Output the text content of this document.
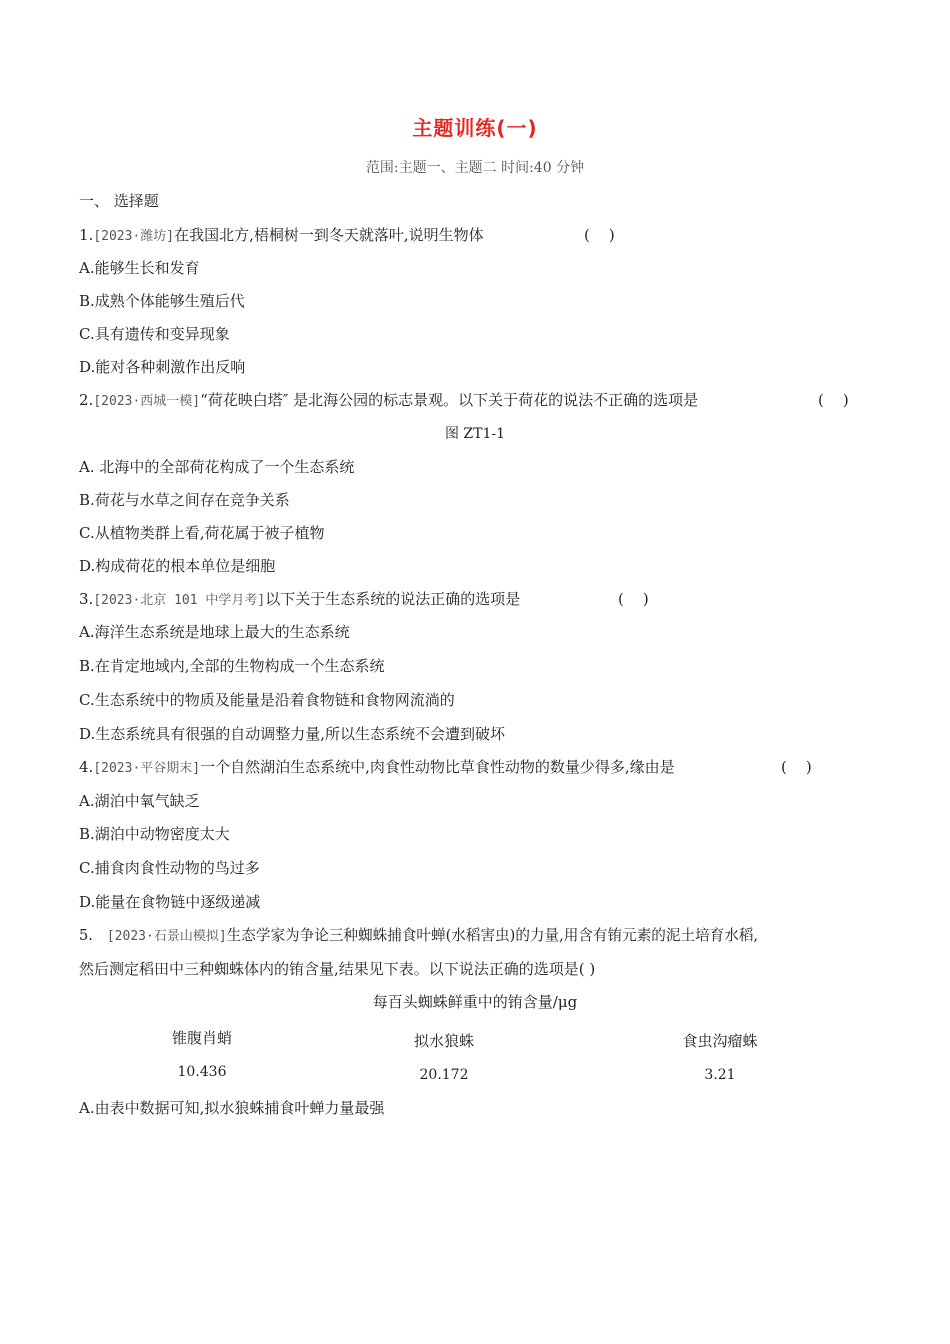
主题训练(一)
范围:主题一、主题二 时间:40 分钟
一、 选择题
1.[2023·潍坊]在我国北方,梧桐树一到冬天就落叶,说明生物体	(    )
A.能够生长和发育
B.成熟个体能够生殖后代
C.具有遗传和变异现象
D.能对各种刺激作出反响
2.[2023·西城一模]“荷花映白塔″ 是北海公园的标志景观。以下关于荷花的说法不正确的选项是	(    )
图 ZT1-1
A. 北海中的全部荷花构成了一个生态系统
B.荷花与水草之间存在竞争关系
C.从植物类群上看,荷花属于被子植物
D.构成荷花的根本单位是细胞
3.[2023·北京 101 中学月考]以下关于生态系统的说法正确的选项是	(    )
A.海洋生态系统是地球上最大的生态系统
B.在肯定地域内,全部的生物构成一个生态系统
C.生态系统中的物质及能量是沿着食物链和食物网流淌的
D.生态系统具有很强的自动调整力量,所以生态系统不会遭到破坏
4.[2023·平谷期末]一个自然湖泊生态系统中,肉食性动物比草食性动物的数量少得多,缘由是	(    )
A.湖泊中氧气缺乏
B.湖泊中动物密度太大
C.捕食肉食性动物的鸟过多
D.能量在食物链中逐级递减
5. [2023·石景山模拟]生态学家为争论三种蜘蛛捕食叶蝉(水稻害虫)的力量,用含有铕元素的泥土培育水稻,
然后测定稻田中三种蜘蛛体内的铕含量,结果见下表。以下说法正确的选项是( )
每百头蜘蛛鲜重中的铕含量/μg
锥腹肖蛸	拟水狼蛛	食虫沟瘤蛛
10.436	20.172	3.21
A.由表中数据可知,拟水狼蛛捕食叶蝉力量最强
